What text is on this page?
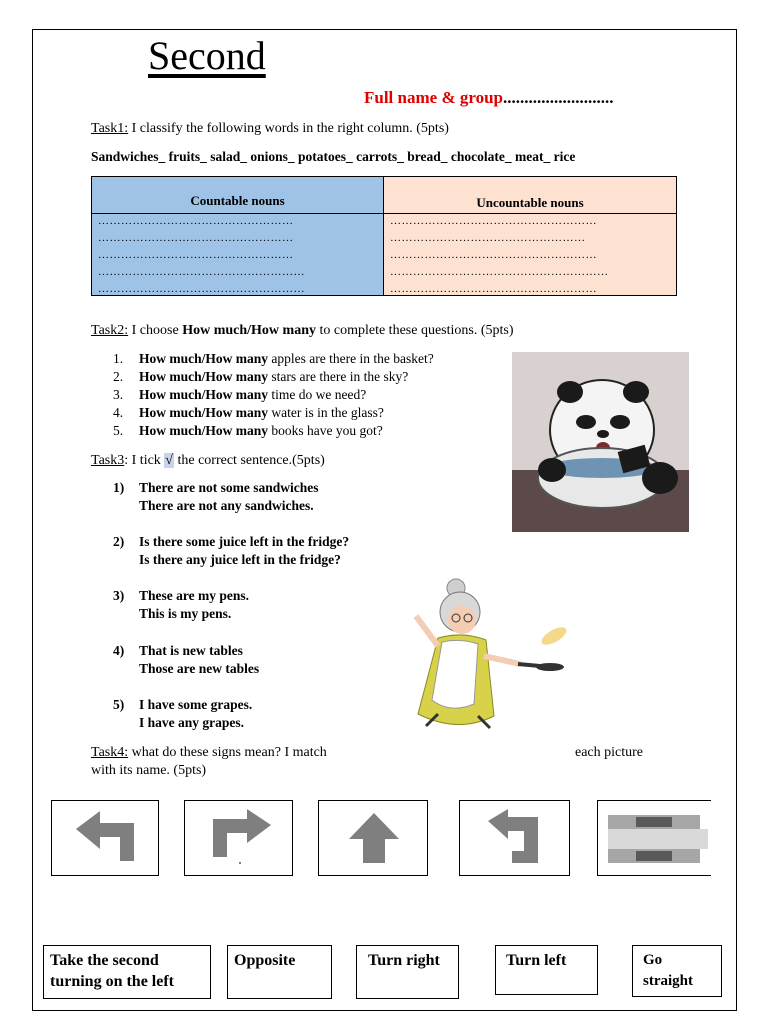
Second
Full name & group..........................
Task1: I classify the following words in the right column. (5pts)
Sandwiches_ fruits_ salad_ onions_ potatoes_ carrots_ bread_ chocolate_ meat_ rice
Countable nouns
……………………………………………
……………………………………………
……………………………………………
………………………………………………
………………………………………………
Uncountable nouns
………………………………………………
……………………………………………
………………………………………………
…………………………………………………
………………………………………………
Task2: I choose How much/How many to complete these questions. (5pts)
1. How much/How many apples are there in the basket?
2. How much/How many stars are there in the sky?
3. How much/How many time do we need?
4. How much/How many water is in the glass?
5. How much/How many books have you got?
Task3: I tick √ the correct sentence.(5pts)
1) There are not some sandwiches
There are not any sandwiches.
2) Is there some juice left in the fridge?
Is there any juice left in the fridge?
3) These are my pens.
This is my pens.
4) That is new tables
Those are new tables
5) I have some grapes.
I have any grapes.
Task4: what do these signs mean? I match	each picture
with its name. (5pts)
Take the second turning on the left
Opposite	Turn right	Turn left	Go straight
